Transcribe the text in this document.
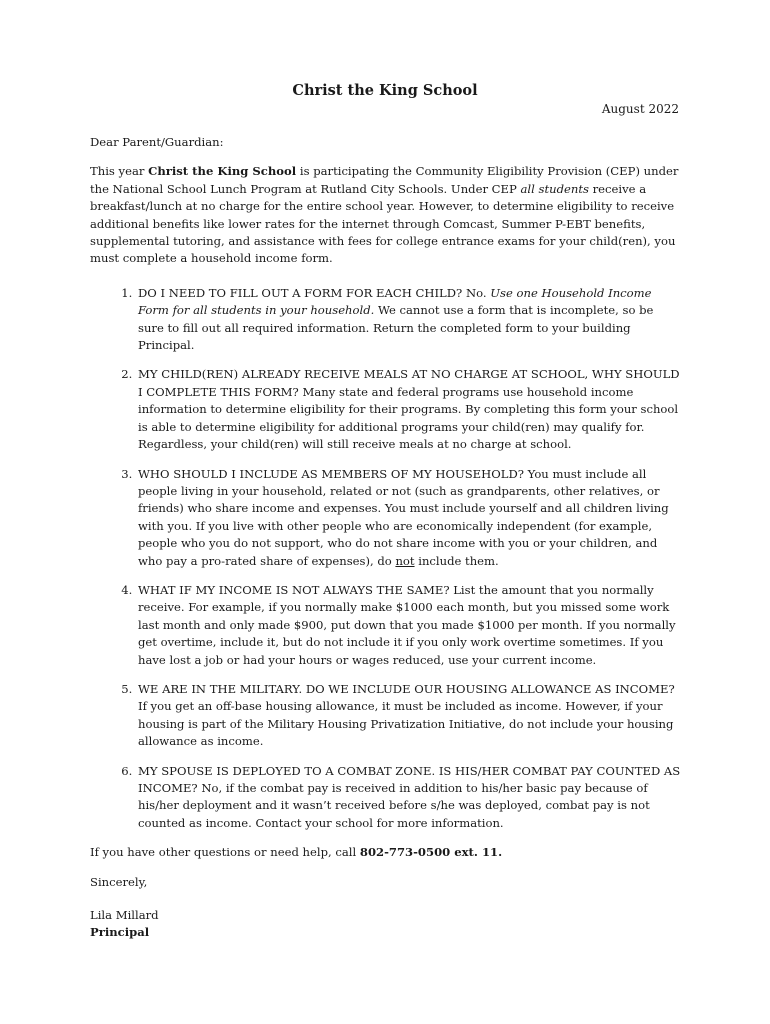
Christ the King School
August 2022

Dear Parent/Guardian:

This year Christ the King School is participating the Community Eligibility Provision (CEP) under the National School Lunch Program at Rutland City Schools. Under CEP all students receive a breakfast/lunch at no charge for the entire school year. However, to determine eligibility to receive additional benefits like lower rates for the internet through Comcast, Summer P-EBT benefits, supplemental tutoring, and assistance with fees for college entrance exams for your child(ren), you must complete a household income form.

1. DO I NEED TO FILL OUT A FORM FOR EACH CHILD? No. Use one Household Income Form for all students in your household. We cannot use a form that is incomplete, so be sure to fill out all required information. Return the completed form to your building Principal.
2. MY CHILD(REN) ALREADY RECEIVE MEALS AT NO CHARGE AT SCHOOL, WHY SHOULD I COMPLETE THIS FORM? Many state and federal programs use household income information to determine eligibility for their programs. By completing this form your school is able to determine eligibility for additional programs your child(ren) may qualify for. Regardless, your child(ren) will still receive meals at no charge at school.
3. WHO SHOULD I INCLUDE AS MEMBERS OF MY HOUSEHOLD? You must include all people living in your household, related or not (such as grandparents, other relatives, or friends) who share income and expenses. You must include yourself and all children living with you. If you live with other people who are economically independent (for example, people who you do not support, who do not share income with you or your children, and who pay a pro-rated share of expenses), do not include them.
4. WHAT IF MY INCOME IS NOT ALWAYS THE SAME? List the amount that you normally receive. For example, if you normally make $1000 each month, but you missed some work last month and only made $900, put down that you made $1000 per month. If you normally get overtime, include it, but do not include it if you only work overtime sometimes. If you have lost a job or had your hours or wages reduced, use your current income.
5. WE ARE IN THE MILITARY. DO WE INCLUDE OUR HOUSING ALLOWANCE AS INCOME? If you get an off-base housing allowance, it must be included as income. However, if your housing is part of the Military Housing Privatization Initiative, do not include your housing allowance as income.
6. MY SPOUSE IS DEPLOYED TO A COMBAT ZONE. IS HIS/HER COMBAT PAY COUNTED AS INCOME? No, if the combat pay is received in addition to his/her basic pay because of his/her deployment and it wasn’t received before s/he was deployed, combat pay is not counted as income. Contact your school for more information.

If you have other questions or need help, call 802-773-0500 ext. 11.

Sincerely,

Lila Millard

Principal
